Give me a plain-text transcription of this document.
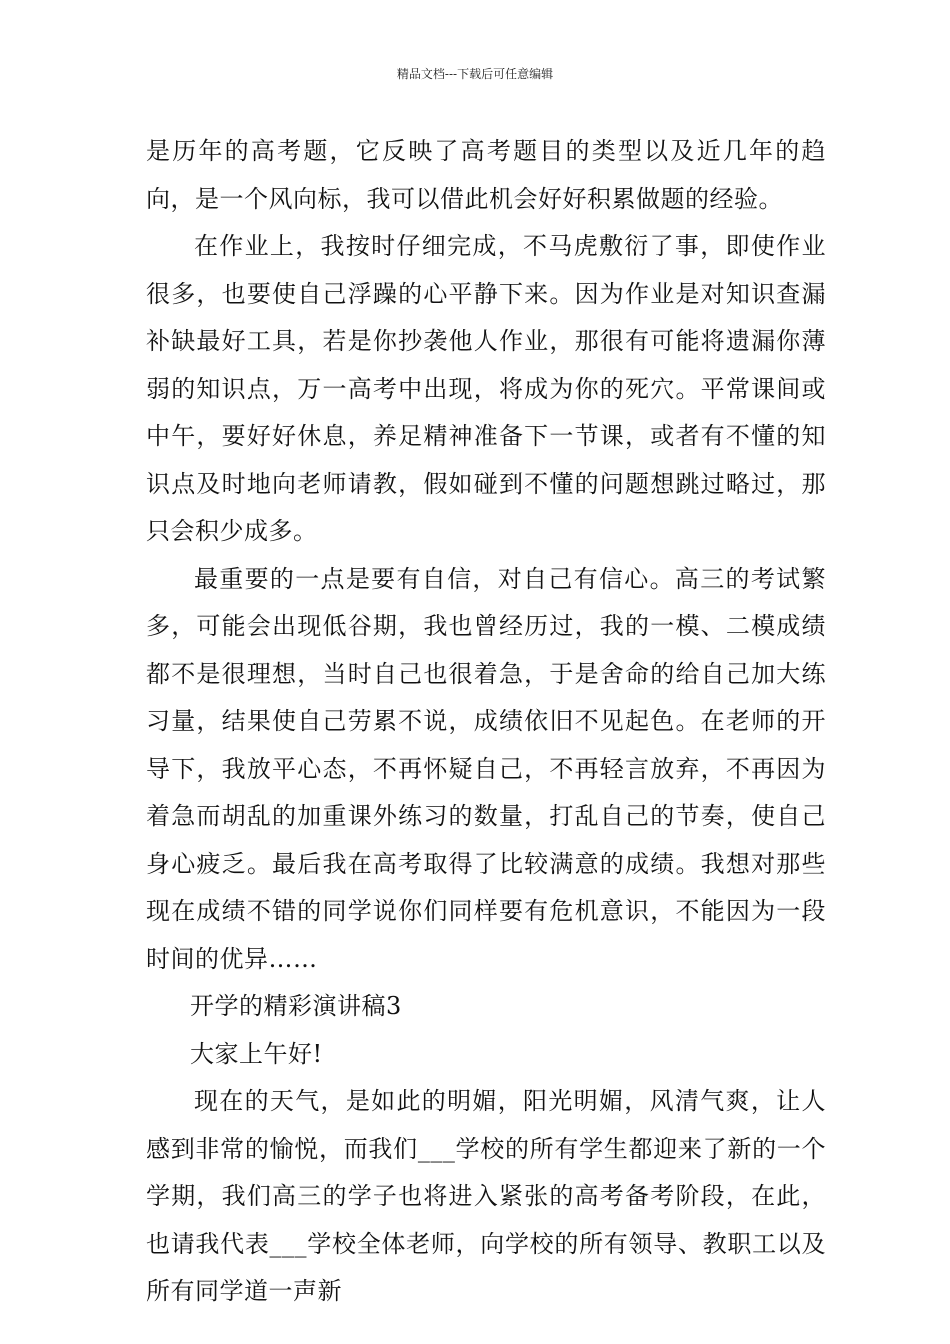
精品文档---下载后可任意编辑

是历年的高考题，它反映了高考题目的类型以及近几年的趋向，是一个风向标，我可以借此机会好好积累做题的经验。

在作业上，我按时仔细完成，不马虎敷衍了事，即使作业很多，也要使自己浮躁的心平静下来。因为作业是对知识查漏补缺最好工具，若是你抄袭他人作业，那很有可能将遗漏你薄弱的知识点，万一高考中出现，将成为你的死穴。平常课间或中午，要好好休息，养足精神准备下一节课，或者有不懂的知识点及时地向老师请教，假如碰到不懂的问题想跳过略过，那只会积少成多。

最重要的一点是要有自信，对自己有信心。高三的考试繁多，可能会出现低谷期，我也曾经历过，我的一模、二模成绩都不是很理想，当时自己也很着急，于是舍命的给自己加大练习量，结果使自己劳累不说，成绩依旧不见起色。在老师的开导下，我放平心态，不再怀疑自己，不再轻言放弃，不再因为着急而胡乱的加重课外练习的数量，打乱自己的节奏，使自己身心疲乏。最后我在高考取得了比较满意的成绩。我想对那些现在成绩不错的同学说你们同样要有危机意识，不能因为一段时间的优异……

开学的精彩演讲稿3

大家上午好!

现在的天气，是如此的明媚，阳光明媚，风清气爽，让人感到非常的愉悦，而我们___学校的所有学生都迎来了新的一个学期，我们高三的学子也将进入紧张的高考备考阶段，在此，也请我代表___学校全体老师，向学校的所有领导、教职工以及所有同学道一声新
